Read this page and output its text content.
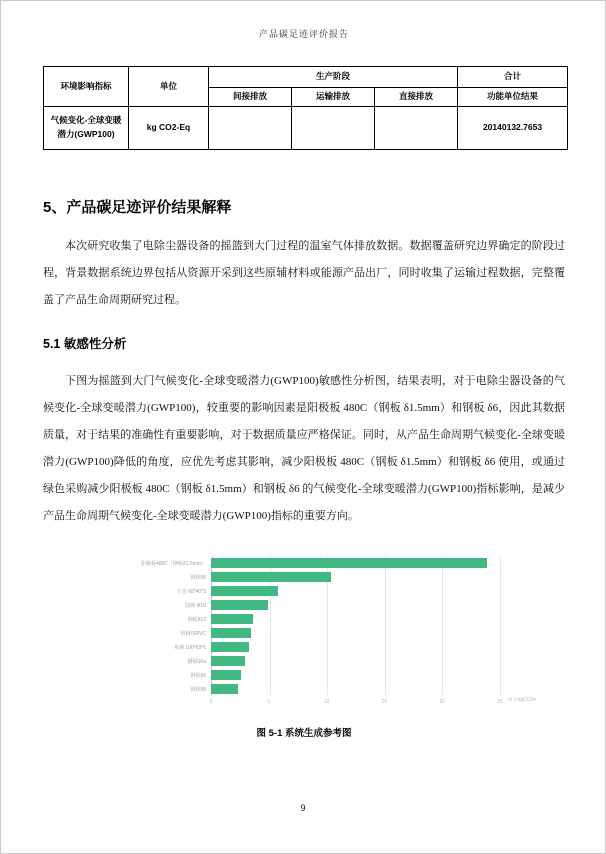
产品碳足迹评价报告
环境影响指标	单位	生产阶段			合计
		间接排放	运输排放	直接排放	功能单位结果
气候变化-全球变暖潜力(GWP100)	kg CO2-Eq				20140132.7653
5、产品碳足迹评价结果解释
本次研究收集了电除尘器设备的摇篮到大门过程的温室气体排放数据。数据覆盖研究边界确定的阶段过程，背景数据系统边界包括从资源开采到这些原辅材料或能源产品出厂，同时收集了运输过程数据，完整覆盖了产品生命周期研究过程。
5.1 敏感性分析
下图为摇篮到大门气候变化-全球变暖潜力(GWP100)敏感性分析图，结果表明，对于电除尘器设备的气候变化-全球变暖潜力(GWP100)，较重要的影响因素是阳极板 480C（钢板 δ1.5mm）和钢板 δ6，因此其数据质量，对于结果的准确性有重要影响，对于数据质量应严格保证。同时，从产品生命周期气候变化-全球变暖潜力(GWP100)降低的角度，应优先考虑其影响，减少阳极板 480C（钢板 δ1.5mm）和钢板 δ6 使用，或通过绿色采购减少阳极板 480C（钢板 δ1.5mm）和钢板 δ6 的气候变化-全球变暖潜力(GWP100)指标影响，是减少产品生命周期气候变化-全球变暖潜力(GWP100)指标的重要方向。
阳极板480C（钢板δ1.5mm）
钢板δ6
方管 60*40*3
圆钢 Φ10
钢板δ12
阴极线RVC
角钢 100*63*6
槽钢16a
钢板δ5
钢板δ8
0	5	10	15	20	25 百万kgCO2e
图 5-1 系统生成参考图
9
